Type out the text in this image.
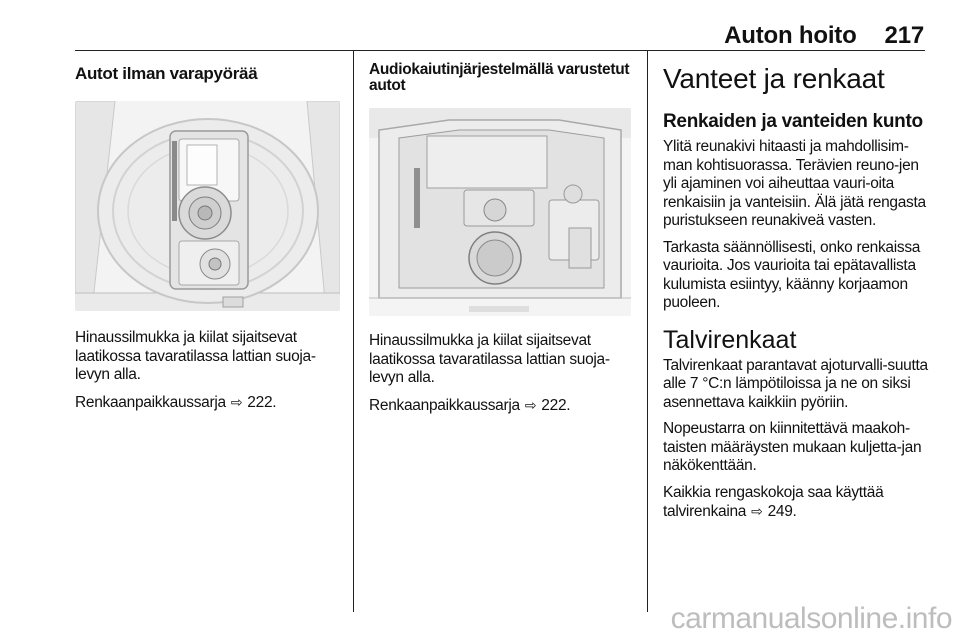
Auton hoito 217
Autot ilman varapyörää

Hinaussilmukka ja kiilat sijaitsevat laatikossa tavaratilassa lattian suoja-levyn alla.

Renkaanpaikkaussarja ⇨ 222.

Audiokaiutinjärjestelmällä varustetut autot

Hinaussilmukka ja kiilat sijaitsevat laatikossa tavaratilassa lattian suoja-levyn alla.

Renkaanpaikkaussarja ⇨ 222.

Vanteet ja renkaat
Renkaiden ja vanteiden kunto

Ylitä reunakivi hitaasti ja mahdollisim-man kohtisuorassa. Terävien reuno-jen yli ajaminen voi aiheuttaa vauri-oita renkaisiin ja vanteisiin. Älä jätä rengasta puristukseen reunakiveä vasten.

Tarkasta säännöllisesti, onko renkaissa vaurioita. Jos vaurioita tai epätavallista kulumista esiintyy, käänny korjaamon puoleen.

Talvirenkaat

Talvirenkaat parantavat ajoturvalli-suutta alle 7 °C:n lämpötiloissa ja ne on siksi asennettava kaikkiin pyöriin.

Nopeustarra on kiinnitettävä maakoh-taisten määräysten mukaan kuljetta-jan näkökenttään.

Kaikkia rengaskokoja saa käyttää talvirenkaina ⇨ 249.

carmanualsonline.info
